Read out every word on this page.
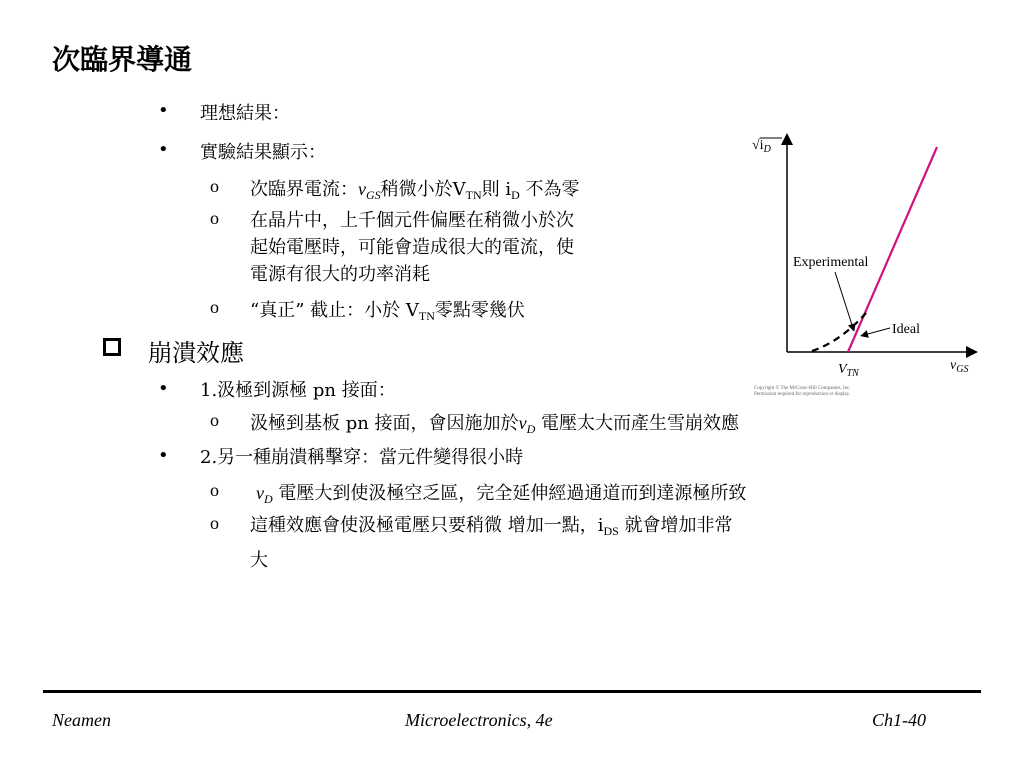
次臨界導通
• 理想結果：
• 實驗結果顯示：
o 次臨界電流：$v_{GS}$稍微小於$V_{TN}$則 $i_D$ 不為零
o 在晶片中，上千個元件偏壓在稍微小於次
起始電壓時，可能會造成很大的電流，使
電源有很大的功率消耗
o “真正” 截止：小於 $V_{TN}$零點零幾伏
崩潰效應
• 1.汲極到源極 pn 接面：
o 汲極到基板 pn 接面，會因施加於$v_D$ 電壓太大而產生雪崩效應
• 2.另一種崩潰稱擊穿：當元件變得很小時
o $v_D$ 電壓大到使汲極空乏區，完全延伸經過通道而到達源極所致
o 這種效應會使汲極電壓只要稍微 增加一點，$i_{DS}$ 就會增加非常
大
$√i_D$
Experimental
Ideal
$V_{TN}$
$v_{GS}$
Copyright © The McGraw-Hill Companies, Inc.
Permission required for reproduction or display.
Neamen	Microelectronics, 4e	Ch1-40
